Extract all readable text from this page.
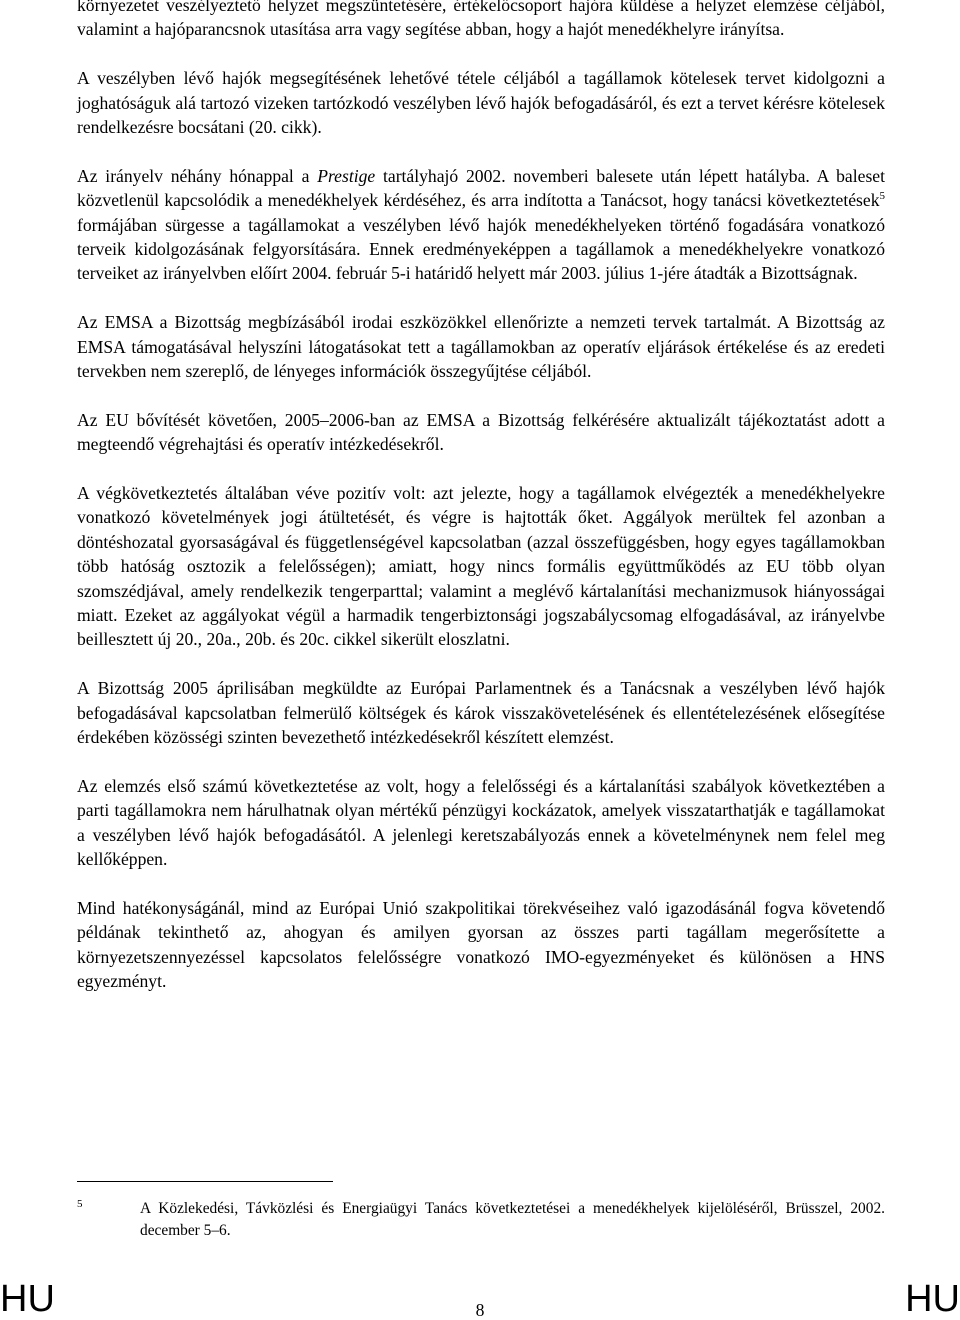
környezetet veszélyeztető helyzet megszüntetésére, értékelőcsoport hajóra küldése a helyzet elemzése céljából, valamint a hajóparancsnok utasítása arra vagy segítése abban, hogy a hajót menedékhelyre irányítsa.

A veszélyben lévő hajók megsegítésének lehetővé tétele céljából a tagállamok kötelesek tervet kidolgozni a joghatóságuk alá tartozó vizeken tartózkodó veszélyben lévő hajók befogadásáról, és ezt a tervet kérésre kötelesek rendelkezésre bocsátani (20. cikk).

Az irányelv néhány hónappal a Prestige tartályhajó 2002. novemberi balesete után lépett hatályba. A baleset közvetlenül kapcsolódik a menedékhelyek kérdéséhez, és arra indította a Tanácsot, hogy tanácsi következtetések$^5$ formájában sürgesse a tagállamokat a veszélyben lévő hajók menedékhelyeken történő fogadására vonatkozó terveik kidolgozásának felgyorsítására. Ennek eredményeképpen a tagállamok a menedékhelyekre vonatkozó terveiket az irányelvben előírt 2004. február 5-i határidő helyett már 2003. július 1-jére átadták a Bizottságnak.

Az EMSA a Bizottság megbízásából irodai eszközökkel ellenőrizte a nemzeti tervek tartalmát. A Bizottság az EMSA támogatásával helyszíni látogatásokat tett a tagállamokban az operatív eljárások értékelése és az eredeti tervekben nem szereplő, de lényeges információk összegyűjtése céljából.

Az EU bővítését követően, 2005–2006-ban az EMSA a Bizottság felkérésére aktualizált tájékoztatást adott a megteendő végrehajtási és operatív intézkedésekről.

A végkövetkeztetés általában véve pozitív volt: azt jelezte, hogy a tagállamok elvégezték a menedékhelyekre vonatkozó követelmények jogi átültetését, és végre is hajtották őket. Aggályok merültek fel azonban a döntéshozatal gyorsaságával és függetlenségével kapcsolatban (azzal összefüggésben, hogy egyes tagállamokban több hatóság osztozik a felelősségen); amiatt, hogy nincs formális együttműködés az EU több olyan szomszédjával, amely rendelkezik tengerparttal; valamint a meglévő kártalanítási mechanizmusok hiányosságai miatt. Ezeket az aggályokat végül a harmadik tengerbiztonsági jogszabálycsomag elfogadásával, az irányelvbe beillesztett új 20., 20a., 20b. és 20c. cikkel sikerült eloszlatni.

A Bizottság 2005 áprilisában megküldte az Európai Parlamentnek és a Tanácsnak a veszélyben lévő hajók befogadásával kapcsolatban felmerülő költségek és károk visszakövetelésének és ellentételezésének elősegítése érdekében közösségi szinten bevezethető intézkedésekről készített elemzést.

Az elemzés első számú következtetése az volt, hogy a felelősségi és a kártalanítási szabályok következtében a parti tagállamokra nem hárulhatnak olyan mértékű pénzügyi kockázatok, amelyek visszatarthatják e tagállamokat a veszélyben lévő hajók befogadásától. A jelenlegi keretszabályozás ennek a követelménynek nem felel meg kellőképpen.

Mind hatékonyságánál, mind az Európai Unió szakpolitikai törekvéseihez való igazodásánál fogva követendő példának tekinthető az, ahogyan és amilyen gyorsan az összes parti tagállam megerősítette a környezetszennyezéssel kapcsolatos felelősségre vonatkozó IMO-egyezményeket és különösen a HNS egyezményt.

5	A Közlekedési, Távközlési és Energiaügyi Tanács következtetései a menedékhelyek kijelöléséről, Brüsszel, 2002. december 5–6.
HU	8	HU
